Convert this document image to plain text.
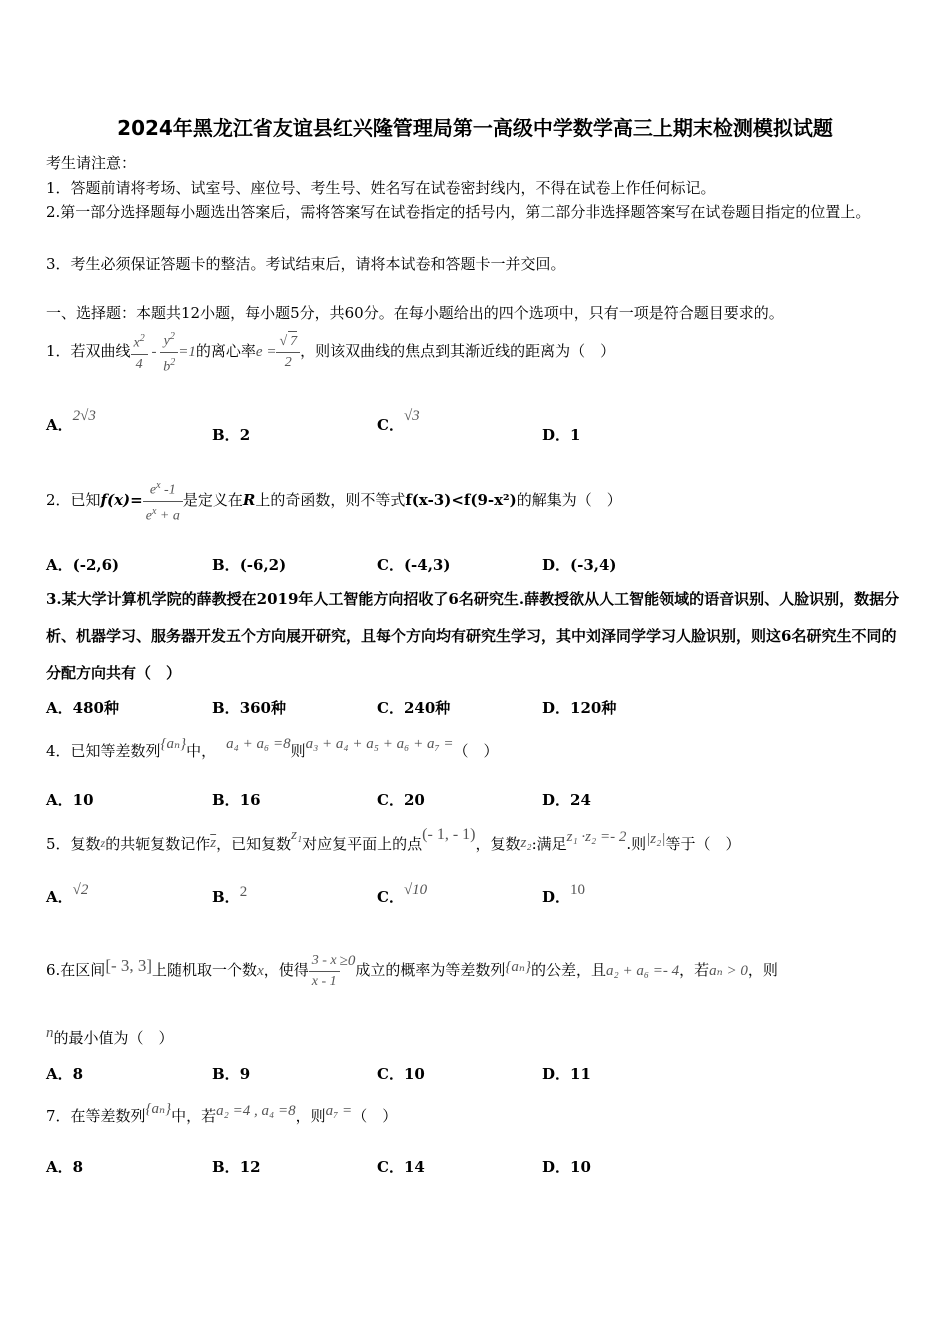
2024年黑龙江省友谊县红兴隆管理局第一高级中学数学高三上期末检测模拟试题
考生请注意：
1．答题前请将考场、试室号、座位号、考生号、姓名写在试卷密封线内，不得在试卷上作任何标记。
2.第一部分选择题每小题选出答案后，需将答案写在试卷指定的括号内，第二部分非选择题答案写在试卷题目指定的位置上。
3．考生必须保证答题卡的整洁。考试结束后，请将本试卷和答题卡一并交回。
一、选择题：本题共12小题，每小题5分，共60分。在每小题给出的四个选项中，只有一项是符合题目要求的。
1．若双曲线 $\frac{x^2}{4} - \frac{y^2}{b^2} =1$的离心率$e = \frac{√ 7}{2}$ ，则该双曲线的焦点到其渐近线的距离为（　）
A．2√3
B．2
C．√3
D．1
2．已知$f(x)= \frac{e^x -1}{e^x + a}$ 是定义在R上的奇函数，则不等式f(x-3)<f(9-x²)的解集为（　）
A．(-2,6)	B．(-6,2)	C．(-4,3)	D．(-3,4)
3.某大学计算机学院的薛教授在2019年人工智能方向招收了6名研究生.薛教授欲从人工智能领域的语音识别、人脸识别，数据分析、机器学习、服务器开发五个方向展开研究，且每个方向均有研究生学习，其中刘泽同学学习人脸识别，则这6名研究生不同的分配方向共有（　）
A．480种	B．360种	C．240种	D．120种
4．已知等差数列{aₙ}中， a₄ + a₆ =8则a₃ + a₄ + a₅ + a₆ + a₇ =（　）
A．10	B．16	C．20	D．24
5．复数z的共轭复数记作$\overline{z}$，已知复数z₁对应复平面上的点(- 1, - 1)，复数z₂:满足z₁ ·z₂ =- 2.则|z₂|等于（　）
A．√2	B．2	C．√10	D．10
6.在区间[- 3, 3]上随机取一个数x，使得 $\frac{3 - x}{x - 1} \ge 0$成立的概率为等差数列{aₙ}的公差，且a₂ + a₆ =- 4，若aₙ > 0，则
n的最小值为（　）
A．8	B．9	C．10	D．11
7．在等差数列{aₙ}中，若a₂ =4 , a₄ =8，则a₇ =（　）
A．8	B．12	C．14	D．10
